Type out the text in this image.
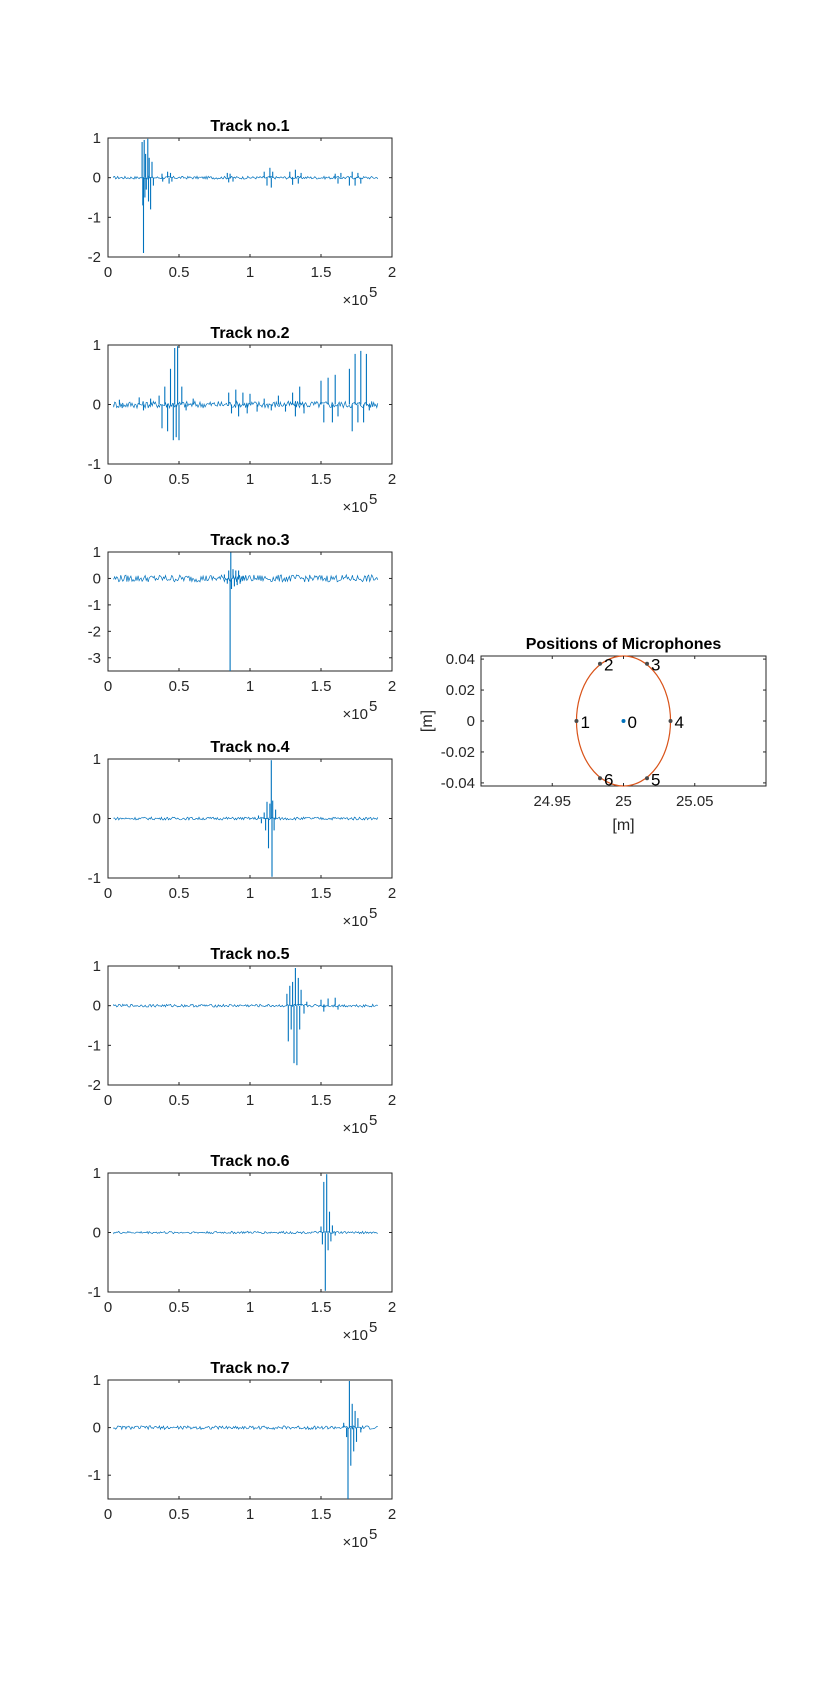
Track no.1
0	0.5	1	1.5	2
1
0
-1
-2
×10 5
Track no.2
0	0.5	1	1.5	2
1
0
-1
×10 5
Track no.3
0	0.5	1	1.5	2
1
0
-1
-2
-3
×10 5
Track no.4
0	0.5	1	1.5	2
1
0
-1
×10 5
Track no.5
0	0.5	1	1.5	2
1
0
-1
-2
×10 5
Track no.6
0	0.5	1	1.5	2
1
0
-1
×10 5
Track no.7
0	0.5	1	1.5	2
1
0
-1
×10 5
Positions of Microphones
24.95	25	25.05
0.04
0.02
0
-0.02
-0.04
[m]
[m]	0
1
2 3
4
5
6
